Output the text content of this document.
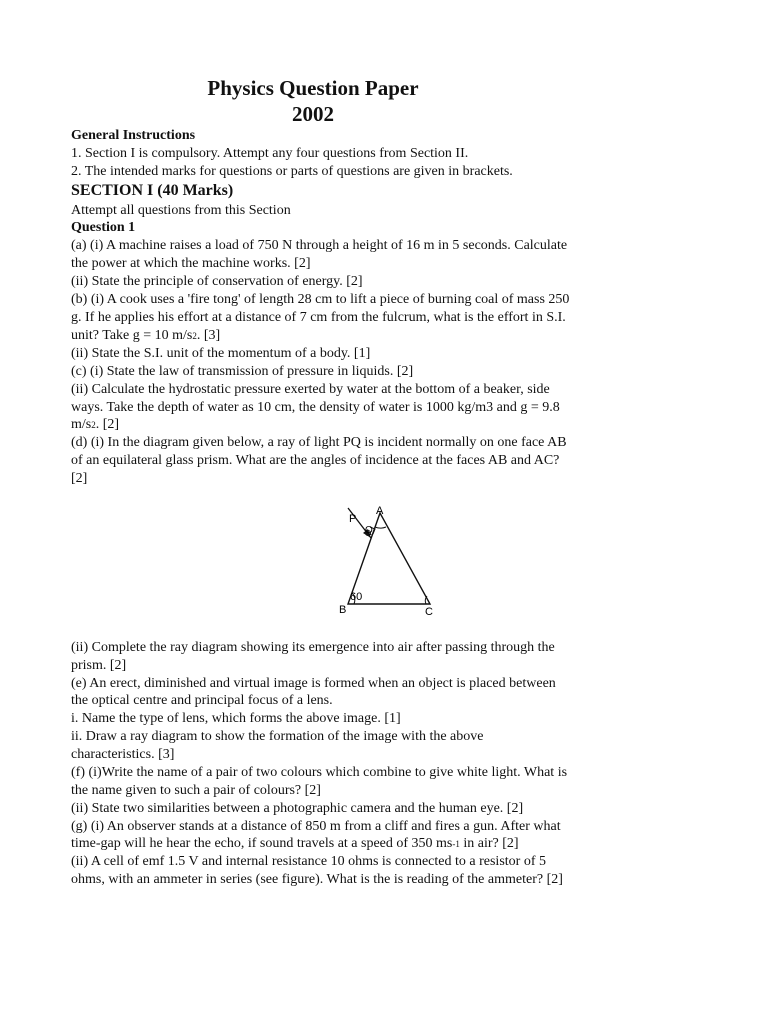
Physics Question Paper
2002
General Instructions
1. Section I is compulsory. Attempt any four questions from Section II.
2. The intended marks for questions or parts of questions are given in brackets.
SECTION I (40 Marks)
Attempt all questions from this Section
Question 1
(a) (i) A machine raises a load of 750 N through a height of 16 m in 5 seconds. Calculate
the power at which the machine works. [2]
(ii) State the principle of conservation of energy. [2]
(b) (i) A cook uses a 'fire tong' of length 28 cm to lift a piece of burning coal of mass 250
g. If he applies his effort at a distance of 7 cm from the fulcrum, what is the effort in S.I.
unit? Take g = 10 m/s2. [3]
(ii) State the S.I. unit of the momentum of a body. [1]
(c) (i) State the law of transmission of pressure in liquids. [2]
(ii) Calculate the hydrostatic pressure exerted by water at the bottom of a beaker, side
ways. Take the depth of water as 10 cm, the density of water is 1000 kg/m3 and g = 9.8
m/s2. [2]
(d) (i) In the diagram given below, a ray of light PQ is incident normally on one face AB
of an equilateral glass prism. What are the angles of incidence at the faces AB and AC?
[2]
(ii) Complete the ray diagram showing its emergence into air after passing through the
prism. [2]
(e) An erect, diminished and virtual image is formed when an object is placed between
the optical centre and principal focus of a lens.
i. Name the type of lens, which forms the above image. [1]
ii. Draw a ray diagram to show the formation of the image with the above
characteristics. [3]
(f) (i)Write the name of a pair of two colours which combine to give white light. What is
the name given to such a pair of colours? [2]
(ii) State two similarities between a photographic camera and the human eye. [2]
(g) (i) An observer stands at a distance of 850 m from a cliff and fires a gun. After what
time-gap will he hear the echo, if sound travels at a speed of 350 ms-1 in air? [2]
(ii) A cell of emf 1.5 V and internal resistance 10 ohms is connected to a resistor of 5
ohms, with an ammeter in series (see figure). What is the is reading of the ammeter? [2]
P
Q
A
B	C
60
